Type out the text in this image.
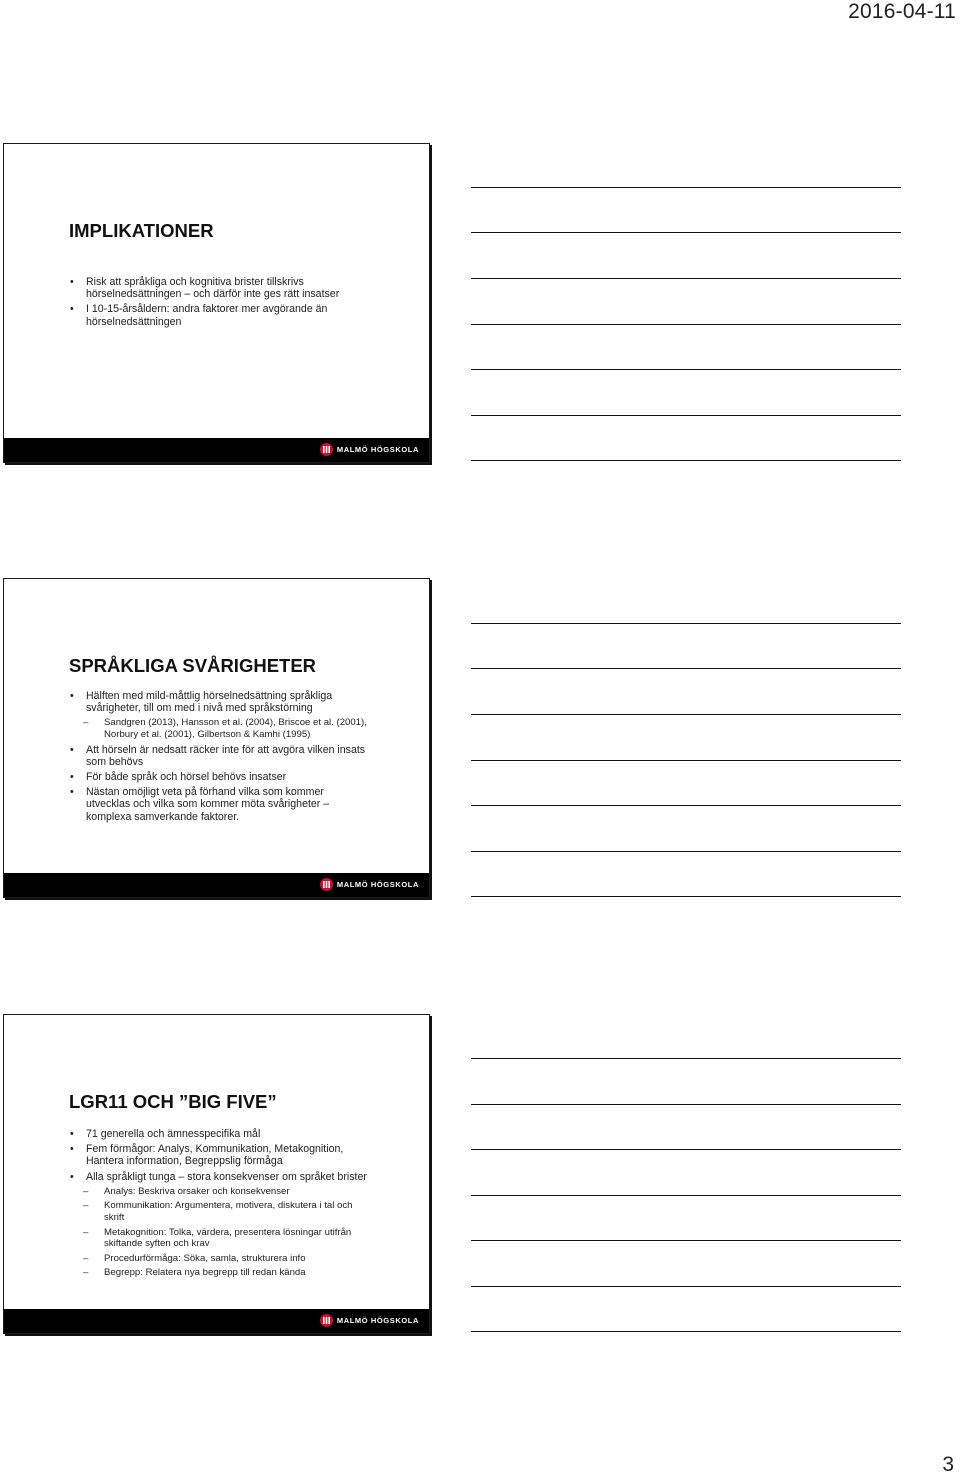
2016-04-11
IMPLIKATIONER
• Risk att språkliga och kognitiva brister tillskrivs hörselnedsättningen – och därför inte ges rätt insatser
• I 10-15-årsåldern: andra faktorer mer avgörande än hörselnedsättningen
MALMÖ HÖGSKOLA
SPRÅKLIGA SVÅRIGHETER
• Hälften med mild-måttlig hörselnedsättning språkliga svårigheter, till om med i nivå med språkstörning
– Sandgren (2013), Hansson et al. (2004), Briscoe et al. (2001), Norbury et al. (2001), Gilbertson & Kamhi (1995)
• Att hörseln är nedsatt räcker inte för att avgöra vilken insats som behövs
• För både språk och hörsel behövs insatser
• Nästan omöjligt veta på förhand vilka som kommer utvecklas och vilka som kommer möta svårigheter – komplexa samverkande faktorer.
MALMÖ HÖGSKOLA
LGR11 OCH ”BIG FIVE”
• 71 generella och ämnesspecifika mål
• Fem förmågor: Analys, Kommunikation, Metakognition, Hantera information, Begreppslig förmåga
• Alla språkligt tunga – stora konsekvenser om språket brister
– Analys: Beskriva orsaker och konsekvenser
– Kommunikation: Argumentera, motivera, diskutera i tal och skrift
– Metakognition: Tolka, värdera, presentera lösningar utifrån skiftande syften och krav
– Procedurförmåga: Söka, samla, strukturera info
– Begrepp: Relatera nya begrepp till redan kända
MALMÖ HÖGSKOLA
3
